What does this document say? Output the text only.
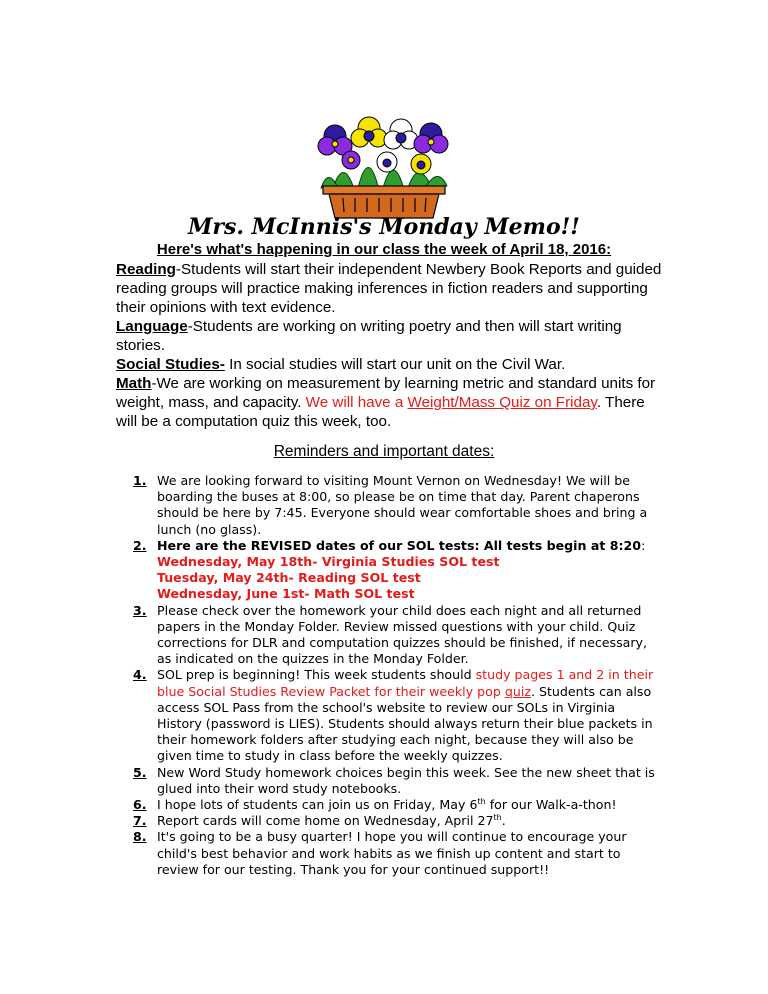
Mrs. McInnis's Monday Memo!!
Here's what's happening in our class the week of April 18, 2016:

Reading-Students will start their independent Newbery Book Reports and guided reading groups will practice making inferences in fiction readers and supporting their opinions with text evidence.

Language-Students are working on writing poetry and then will start writing stories.

Social Studies- In social studies will start our unit on the Civil War.

Math-We are working on measurement by learning metric and standard units for weight, mass, and capacity. We will have a Weight/Mass Quiz on Friday. There will be a computation quiz this week, too.

Reminders and important dates:
1. We are looking forward to visiting Mount Vernon on Wednesday! We will be boarding the buses at 8:00, so please be on time that day. Parent chaperons should be here by 7:45. Everyone should wear comfortable shoes and bring a lunch (no glass).
2. Here are the REVISED dates of our SOL tests: All tests begin at 8:20:
Wednesday, May 18th- Virginia Studies SOL test
Tuesday, May 24th- Reading SOL test
Wednesday, June 1st- Math SOL test
3. Please check over the homework your child does each night and all returned papers in the Monday Folder. Review missed questions with your child. Quiz corrections for DLR and computation quizzes should be finished, if necessary, as indicated on the quizzes in the Monday Folder.
4. SOL prep is beginning! This week students should study pages 1 and 2 in their blue Social Studies Review Packet for their weekly pop quiz. Students can also access SOL Pass from the school's website to review our SOLs in Virginia History (password is LIES). Students should always return their blue packets in their homework folders after studying each night, because they will also be given time to study in class before the weekly quizzes.
5. New Word Study homework choices begin this week. See the new sheet that is glued into their word study notebooks.
6. I hope lots of students can join us on Friday, May 6th for our Walk-a-thon!
7. Report cards will come home on Wednesday, April 27th.
8. It's going to be a busy quarter! I hope you will continue to encourage your child's best behavior and work habits as we finish up content and start to review for our testing. Thank you for your continued support!!
